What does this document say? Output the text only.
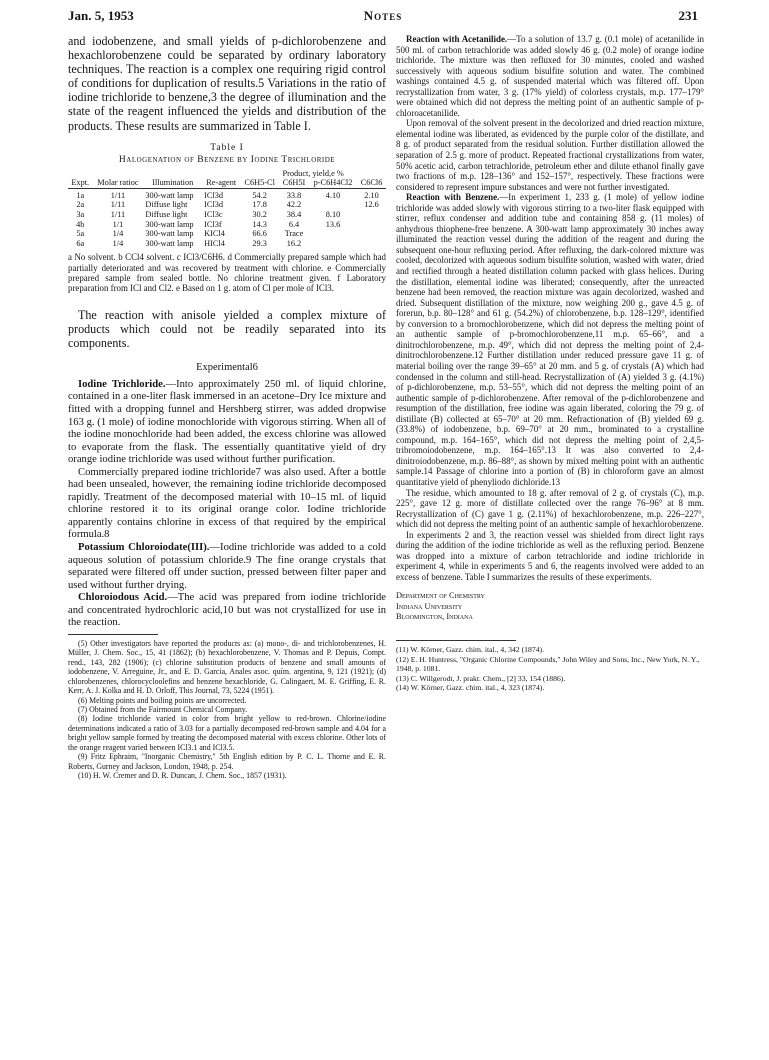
Jan. 5, 1953	Notes	231

and iodobenzene, and small yields of p-dichlorobenzene and hexachlorobenzene could be separated by ordinary laboratory techniques. The reaction is a complex one requiring rigid control of conditions for duplication of results.5 Variations in the ratio of iodine trichloride to benzene,3 the degree of illumination and the state of the reagent influenced the yields and distribution of the products. These results are summarized in Table I.

Table I
Halogenation of Benzene by Iodine Trichloride
Expt.	Molar ratioc	Illumination	Re-agent	Product, yield,e %			
				C6H5-Cl	C6H5I	p-C6H4Cl2	C6Cl6

1a	1/11	300-watt lamp	ICl3d	54.2	33.8	4.10	2.10
2a	1/11	Diffuse light	ICl3d	17.8	42.2		12.6
3a	1/11	Diffuse light	ICl3c	30.2	38.4	8.10	
4b	1/1	300-watt lamp	ICl3f	14.3	6.4	13.6	
5a	1/4	300-watt lamp	KICl4	66.6	Trace		
6a	1/4	300-watt lamp	HICl4	29.3	16.2		
a No solvent. b CCl4 solvent. c ICl3/C6H6. d Commercially prepared sample which had partially deteriorated and was recovered by treatment with chlorine. e Commercially prepared sample from sealed bottle. No chlorine treatment given. f Laboratory preparation from ICl and Cl2. e Based on 1 g. atom of Cl per mole of ICl3.

The reaction with anisole yielded a complex mixture of products which could not be readily separated into its components.

Experimental6

Iodine Trichloride.—Into approximately 250 ml. of liquid chlorine, contained in a one-liter flask immersed in an acetone–Dry Ice mixture and fitted with a dropping funnel and Hershberg stirrer, was added dropwise 163 g. (1 mole) of iodine monochloride with vigorous stirring. When all of the iodine monochloride had been added, the excess chlorine was allowed to evaporate from the flask. The essentially quantitative yield of dry orange iodine trichloride was used without further purification.

Commercially prepared iodine trichloride7 was also used. After a bottle had been unsealed, however, the remaining iodine trichloride decomposed rapidly. Treatment of the decomposed material with 10–15 ml. of liquid chlorine restored it to its original orange color. Iodine trichloride apparently contains chlorine in excess of that required by the empirical formula.8

Potassium Chloroiodate(III).—Iodine trichloride was added to a cold aqueous solution of potassium chloride.9 The fine orange crystals that separated were filtered off under suction, pressed between filter paper and used without further drying.

Chloroiodous Acid.—The acid was prepared from iodine trichloride and concentrated hydrochloric acid,10 but was not crystallized for use in the reaction.

(5) Other investigators have reported the products as: (a) mono-, di- and trichlorobenzenes, H. Müller, J. Chem. Soc., 15, 41 (1862); (b) hexachlorobenzene, V. Thomas and P. Depuis, Compt. rend., 143, 282 (1906); (c) chlorine substitution products of benzene and small amounts of iodobenzene, V. Arreguine, Jr., and E. D. Garcia, Anales asoc. quím. argentina, 9, 121 (1921); (d) chlorobenzenes, chlorocycloolefins and benzene hexachloride, G. Calingaert, M. E. Griffing, E. R. Kerr, A. J. Kolka and H. D. Orloff, This Journal, 73, 5224 (1951).
(6) Melting points and boiling points are uncorrected.
(7) Obtained from the Fairmount Chemical Company.
(8) Iodine trichloride varied in color from bright yellow to red-brown. Chlorine/iodine determinations indicated a ratio of 3.03 for a partially decomposed red-brown sample and 4.04 for a bright yellow sample formed by treating the decomposed material with excess chlorine. Other lots of the orange reagent varied between ICl3.1 and ICl3.5.
(9) Fritz Ephraim, "Inorganic Chemistry," 5th English edition by P. C. L. Thorne and E. R. Roberts, Gurney and Jackson, London, 1948, p. 254.
(10) H. W. Cremer and D. R. Duncan, J. Chem. Soc., 1857 (1931).

Reaction with Acetanilide.—To a solution of 13.7 g. (0.1 mole) of acetanilide in 500 ml. of carbon tetrachloride was added slowly 46 g. (0.2 mole) of orange iodine trichloride. The mixture was then refluxed for 30 minutes, cooled and washed successively with aqueous sodium bisulfite solution and water. The combined washings contained 4.5 g. of suspended material which was filtered off. Upon recrystallization from water, 3 g. (17% yield) of colorless crystals, m.p. 177–179° were obtained which did not depress the melting point of an authentic sample of p-chloroacetanilide.

Upon removal of the solvent present in the decolorized and dried reaction mixture, elemental iodine was liberated, as evidenced by the purple color of the distillate, and 8 g. of product separated from the residual solution. Further distillation allowed the separation of 2.5 g. more of product. Repeated fractional crystallizations from water, 50% acetic acid, carbon tetrachloride, petroleum ether and dilute ethanol finally gave two fractions of m.p. 128–136° and 152–157°, respectively. These fractions were considered to represent impure substances and were not further investigated.

Reaction with Benzene.—In experiment 1, 233 g. (1 mole) of yellow iodine trichloride was added slowly with vigorous stirring to a two-liter flask equipped with stirrer, reflux condenser and addition tube and containing 858 g. (11 moles) of anhydrous thiophene-free benzene. A 300-watt lamp approximately 30 inches away illuminated the reaction vessel during the addition of the reagent and during the subsequent one-hour refluxing period. After refluxing, the dark-colored mixture was cooled, decolorized with aqueous sodium bisulfite solution, washed with water, dried and rectified through a heated distillation column packed with glass helices. During the distillation, elemental iodine was liberated; consequently, after the unreacted benzene had been removed, the reaction mixture was again decolorized, washed and dried. Subsequent distillation of the mixture, now weighing 200 g., gave 4.5 g. of forerun, b.p. 80–128° and 61 g. (54.2%) of chlorobenzene, b.p. 128–129°, identified by conversion to a bromochlorobenzene, which did not depress the melting point of an authentic sample of p-bromochlorobenzene,11 m.p. 65–66°, and a dinitrochlorobenzene, m.p. 49°, which did not depress the melting point of 2,4-dinitrochlorobenzene.12 Further distillation under reduced pressure gave 11 g. of material boiling over the range 39–65° at 20 mm. and 5 g. of crystals (A) which had condensed in the column and still-head. Recrystallization of (A) yielded 3 g. (4.1%) of p-dichlorobenzene, m.p. 53–55°, which did not depress the melting point of an authentic sample of p-dichlorobenzene. After removal of the p-dichlorobenzene and resumption of the distillation, free iodine was again liberated, coloring the 79 g. of distillate (B) collected at 65–70° at 20 mm. Refractionation of (B) yielded 69 g. (33.8%) of iodobenzene, b.p. 69–70° at 20 mm., brominated to a crystalline compound, m.p. 164–165°, which did not depress the melting point of 2,4,5-tribromoiodobenzene, m.p. 164–165°.13 It was also converted to 2,4-dinitroiodobenzene, m.p. 86–88°, as shown by mixed melting point with an authentic sample.14 Passage of chlorine into a portion of (B) in chloroform gave an almost quantitative yield of phenyliodo dichloride.13

The residue, which amounted to 18 g. after removal of 2 g. of crystals (C), m.p. 225°, gave 12 g. more of distillate collected over the range 76–96° at 8 mm. Recrystallization of (C) gave 1 g. (2.11%) of hexachlorobenzene, m.p. 226–227°, which did not depress the melting point of an authentic sample of hexachlorobenzene.

In experiments 2 and 3, the reaction vessel was shielded from direct light rays during the addition of the iodine trichloride as well as the refluxing period. Benzene was dropped into a mixture of carbon tetrachloride and iodine trichloride in experiment 4, while in experiments 5 and 6, the reagents involved were added to an excess of benzene. Table I summarizes the results of these experiments.

Department of Chemistry
Indiana University
Bloomington, Indiana
(11) W. Körner, Gazz. chim. ital., 4, 342 (1874).
(12) E. H. Huntress, "Organic Chlorine Compounds," John Wiley and Sons, Inc., New York, N. Y., 1948, p. 1081.
(13) C. Willgerodt, J. prakt. Chem., [2] 33, 154 (1886).
(14) W. Körner, Gazz. chim. ital., 4, 323 (1874).
